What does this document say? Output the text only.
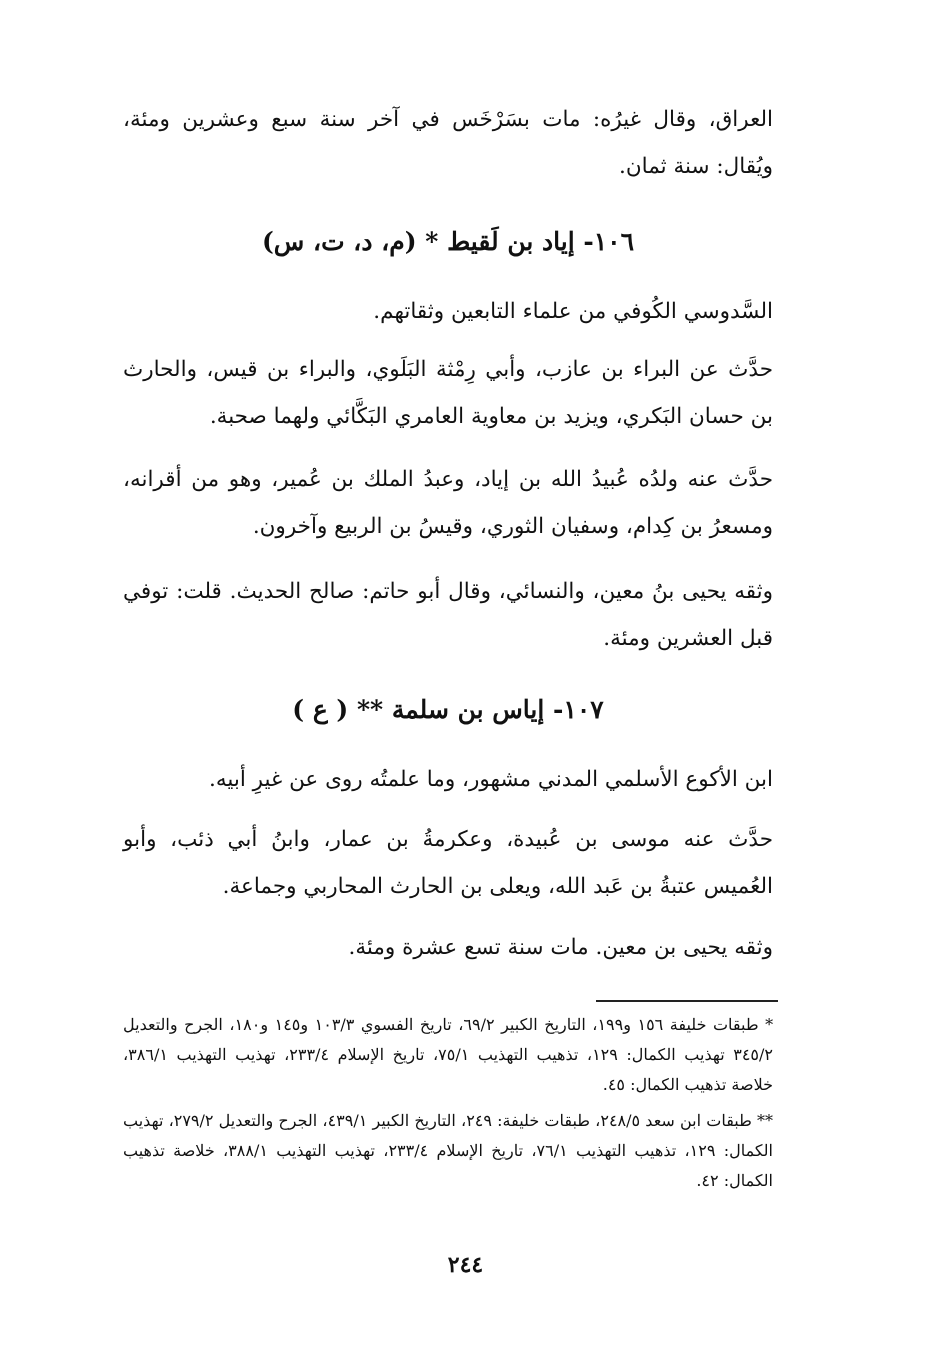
العراق، وقال غيرُه: مات بسَرْخَس في آخر سنة سبع وعشرين ومئة، ويُقال: سنة ثمان.

١٠٦- إياد بن لَقيط * (م، د، ت، س)

السَّدوسي الكُوفي من علماء التابعين وثقاتهم.

حدَّث عن البراء بن عازب، وأبي رِمْثة البَلَوي، والبراء بن قيس، والحارث بن حسان البَكري، ويزيد بن معاوية العامري البَكَّائي ولهما صحبة.

حدَّث عنه ولدُه عُبيدُ الله بن إياد، وعبدُ الملك بن عُمير، وهو من أقرانه، ومسعرُ بن كِدام، وسفيان الثوري، وقيسُ بن الربيع وآخرون.

وثقه يحيى بنُ معين، والنسائي، وقال أبو حاتم: صالح الحديث. قلت: توفي قبل العشرين ومئة.

١٠٧- إياس بن سلمة ** ( ع )

ابن الأكوع الأسلمي المدني مشهور، وما علمتُه روى عن غيرِ أبيه.

حدَّث عنه موسى بن عُبيدة، وعكرمةُ بن عمار، وابنُ أبي ذئب، وأبو العُميس عتبةُ بن عَبد الله، ويعلى بن الحارث المحاربي وجماعة.

وثقه يحيى بن معين. مات سنة تسع عشرة ومئة.

* طبقات خليفة ١٥٦ و١٩٩، التاريخ الكبير ٦٩/٢، تاريخ الفسوي ١٠٣/٣ و١٤٥ و١٨٠، الجرح والتعديل ٣٤٥/٢ تهذيب الكمال: ١٢٩، تذهيب التهذيب ٧٥/١، تاريخ الإسلام ٢٣٣/٤، تهذيب التهذيب ٣٨٦/١، خلاصة تذهيب الكمال: ٤٥.

** طبقات ابن سعد ٢٤٨/٥، طبقات خليفة: ٢٤٩، التاريخ الكبير ٤٣٩/١، الجرح والتعديل ٢٧٩/٢، تهذيب الكمال: ١٢٩، تذهيب التهذيب ٧٦/١، تاريخ الإسلام ٢٣٣/٤، تهذيب التهذيب ٣٨٨/١، خلاصة تذهيب الكمال: ٤٢.

٢٤٤
